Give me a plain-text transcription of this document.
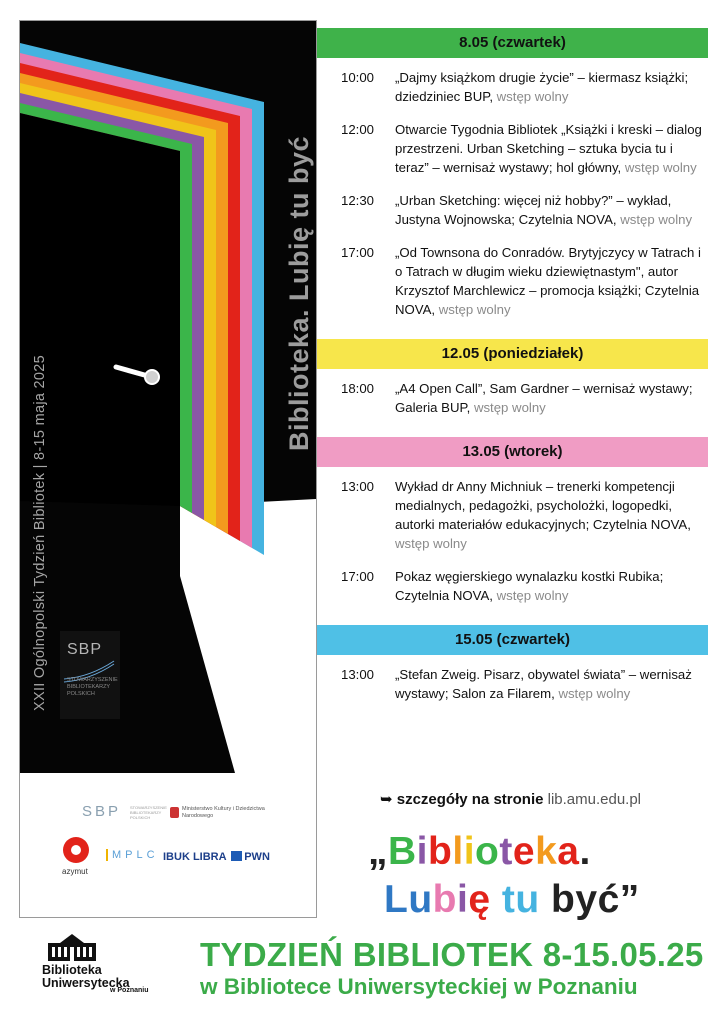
Biblioteka. Lubię tu być
XXII Ogólnopolski Tydzień Bibliotek | 8-15 maja 2025 SBP
STOWARZYSZENIE BIBLIOTEKARZY POLSKICH
SBP STOWARZYSZENIE BIBLIOTEKARZY POLSKICH
Ministerstwo Kultury i Dziedzictwa Narodowego
azymut
MPLC IBUK LIBRA PWN
8.05 (czwartek)
10:00	„Dajmy książkom drugie życie” – kiermasz książki; dziedziniec BUP, wstęp wolny
12:00	Otwarcie Tygodnia Bibliotek „Książki i kreski – dialog przestrzeni. Urban Sketching – sztuka bycia tu i teraz” – wernisaż wystawy; hol główny, wstęp wolny
12:30	„Urban Sketching: więcej niż hobby?” – wykład, Justyna Wojnowska; Czytelnia NOVA, wstęp wolny
17:00	„Od Townsona do Conradów. Brytyjczycy w Tatrach i o Tatrach w długim wieku dziewiętnastym", autor Krzysztof Marchlewicz – promocja książki; Czytelnia NOVA, wstęp wolny
12.05 (poniedziałek)
18:00	„A4 Open Call”, Sam Gardner – wernisaż wystawy; Galeria BUP, wstęp wolny
13.05 (wtorek)
13:00	Wykład dr Anny Michniuk – trenerki kompetencji medialnych, pedagożki, psycholożki, logopedki, autorki materiałów edukacyjnych; Czytelnia NOVA, wstęp wolny
17:00	Pokaz węgierskiego wynalazku kostki Rubika; Czytelnia NOVA, wstęp wolny
15.05 (czwartek)
13:00	„Stefan Zweig. Pisarz, obywatel świata” – wernisaż wystawy; Salon za Filarem, wstęp wolny
➥ szczegóły na stronie lib.amu.edu.pl
„Biblioteka.
Lubię tu być”
Biblioteka
Uniwersytecka
w Poznaniu
TYDZIEŃ BIBLIOTEK 8-15.05.25
w Bibliotece Uniwersyteckiej w Poznaniu
